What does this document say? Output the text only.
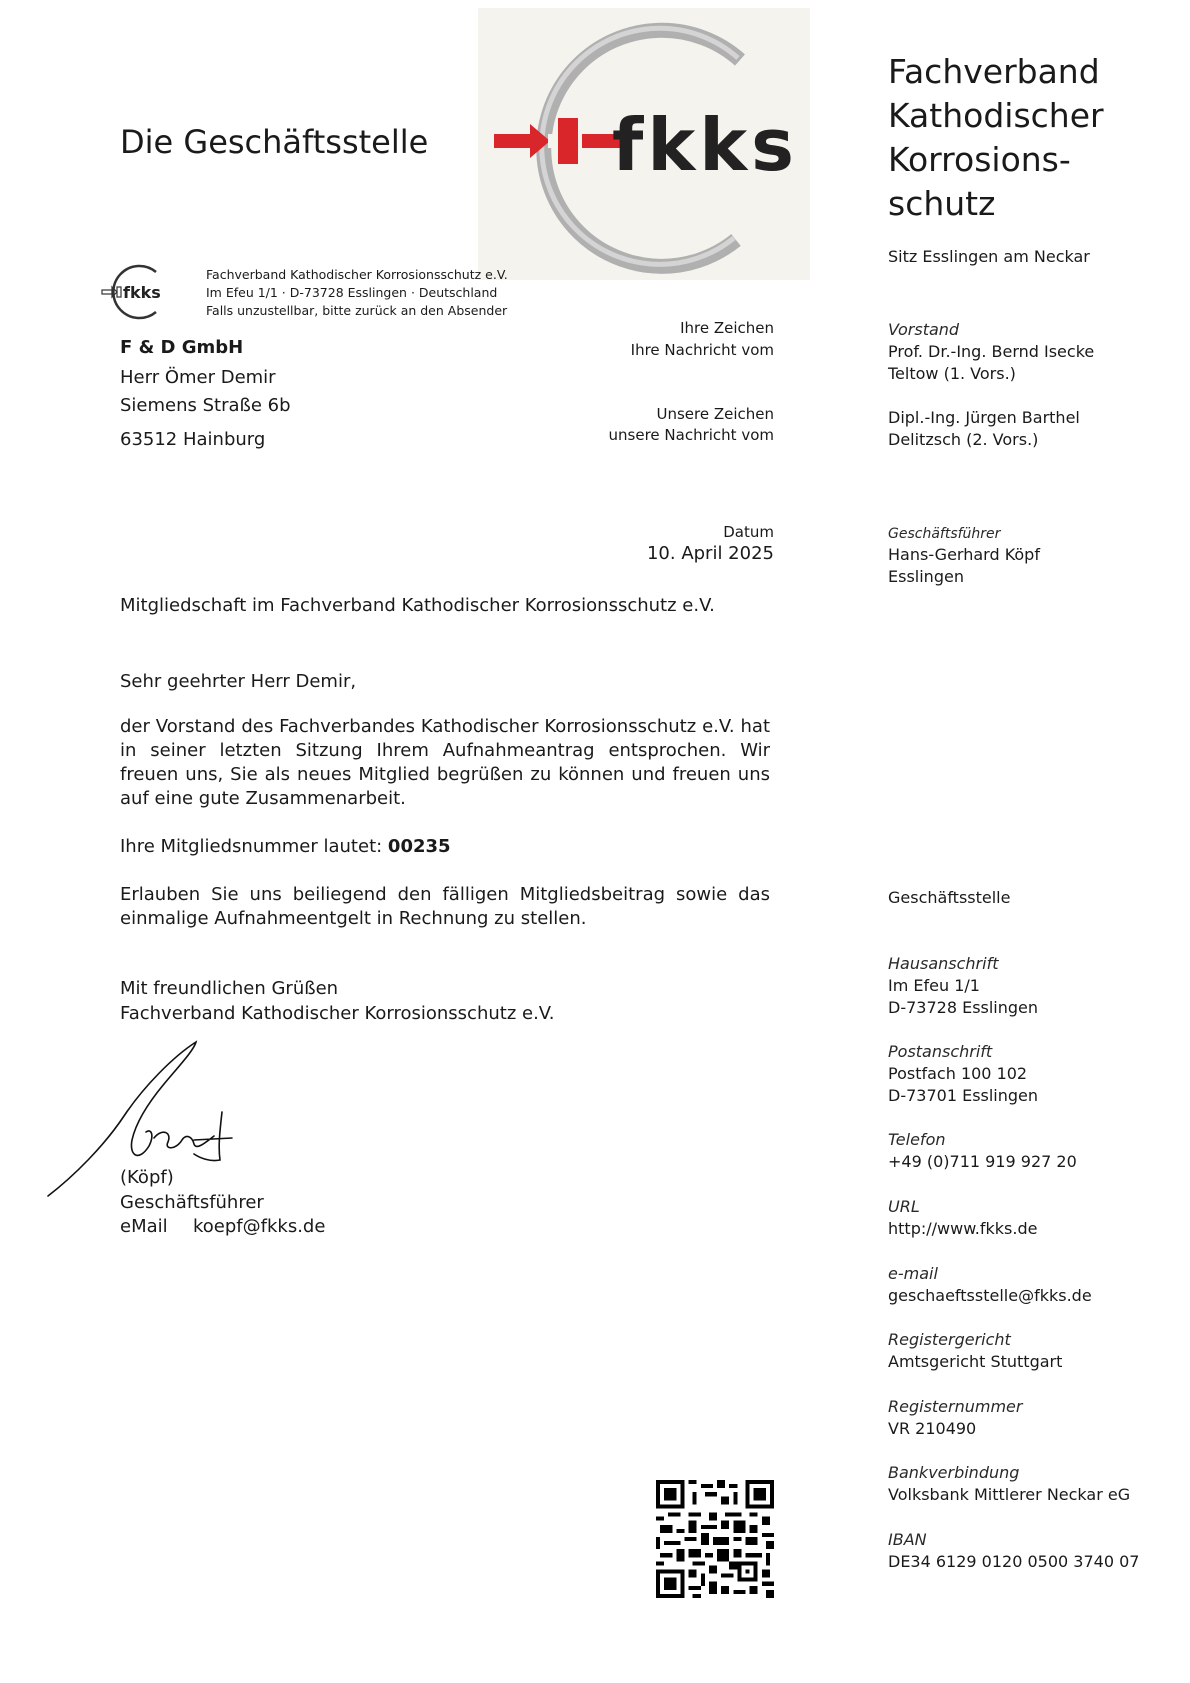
Die Geschäftsstelle	fkks
Fachverband
Kathodischer
Korrosions-
schutz
Sitz Esslingen am Neckar
fkks
Fachverband Kathodischer Korrosionsschutz e.V.
Im Efeu 1/1 · D-73728 Esslingen · Deutschland
Falls unzustellbar, bitte zurück an den Absender
F & D GmbH
Herr Ömer Demir
Siemens Straße 6b
63512 Hainburg
Ihre Zeichen
Ihre Nachricht vom
Unsere Zeichen
unsere Nachricht vom
Datum
10. April 2025
Vorstand
Prof. Dr.-Ing. Bernd Isecke
Teltow (1. Vors.)
Dipl.-Ing. Jürgen Barthel
Delitzsch (2. Vors.)
Geschäftsführer
Hans-Gerhard Köpf
Esslingen
Mitgliedschaft im Fachverband Kathodischer Korrosionsschutz e.V.
Sehr geehrter Herr Demir,
der Vorstand des Fachverbandes Kathodischer Korrosionsschutz e.V. hat in seiner letzten Sitzung Ihrem Aufnahmeantrag entsprochen. Wir freuen uns, Sie als neues Mitglied begrüßen zu können und freuen uns auf eine gute Zusammenarbeit.
Ihre Mitgliedsnummer lautet: 00235
Erlauben Sie uns beiliegend den fälligen Mitgliedsbeitrag sowie das einmalige Aufnahmeentgelt in Rechnung zu stellen.
Mit freundlichen Grüßen
Fachverband Kathodischer Korrosionsschutz e.V.
(Köpf)
Geschäftsführer
eMail koepf@fkks.de
Geschäftsstelle
Hausanschrift
Im Efeu 1/1
D-73728 Esslingen
Postanschrift
Postfach 100 102
D-73701 Esslingen
Telefon
+49 (0)711 919 927 20
URL
http://www.fkks.de
e-mail
geschaeftsstelle@fkks.de
Registergericht
Amtsgericht Stuttgart
Registernummer
VR 210490
Bankverbindung
Volksbank Mittlerer Neckar eG
IBAN
DE34 6129 0120 0500 3740 07
